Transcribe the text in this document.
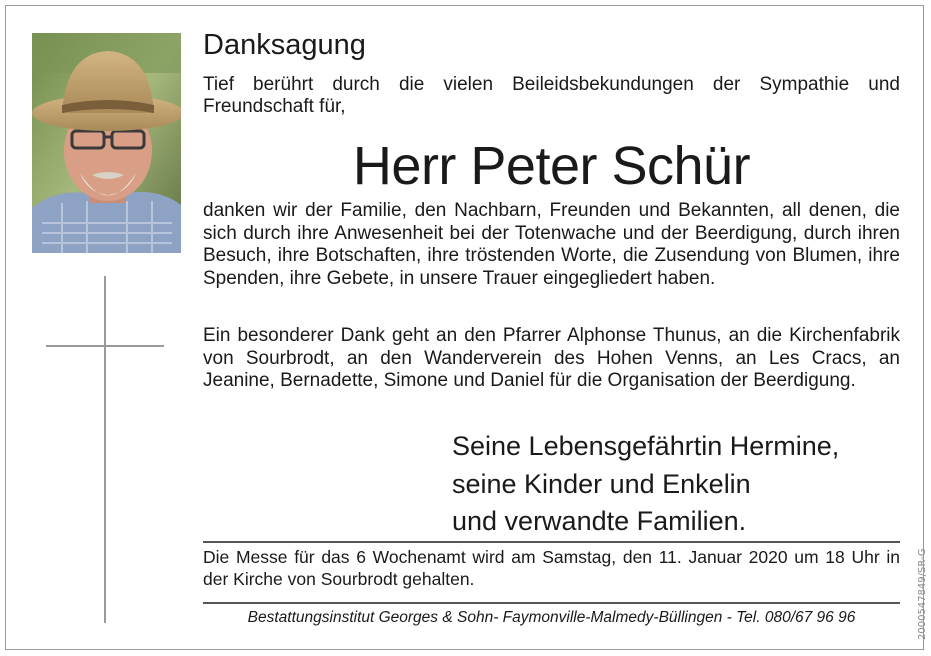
Danksagung

Tief berührt durch die vielen Beileidsbekundungen der Sympathie und Freundschaft für,

Herr Peter Schür

danken wir der Familie, den Nachbarn, Freunden und Bekannten, all denen, die sich durch ihre Anwesenheit bei der Totenwache und der Beerdigung, durch ihren Besuch, ihre Botschaften, ihre tröstenden Worte, die Zusendung von Blumen, ihre Spenden, ihre Gebete, in unsere Trauer eingegliedert haben.

Ein besonderer Dank geht an den Pfarrer Alphonse Thunus, an die Kirchenfabrik von Sourbrodt, an den Wanderverein des Hohen Venns, an Les Cracs, an Jeanine, Bernadette, Simone und Daniel für die Organisation der Beerdigung.

Seine Lebensgefährtin Hermine,
seine Kinder und Enkelin
und verwandte Familien.

Die Messe für das 6 Wochenamt wird am Samstag, den 11. Januar 2020 um 18 Uhr in der Kirche von Sourbrodt gehalten.

Bestattungsinstitut Georges & Sohn- Faymonville-Malmedy-Büllingen - Tel. 080/67 96 96	2000547849/SR-G
